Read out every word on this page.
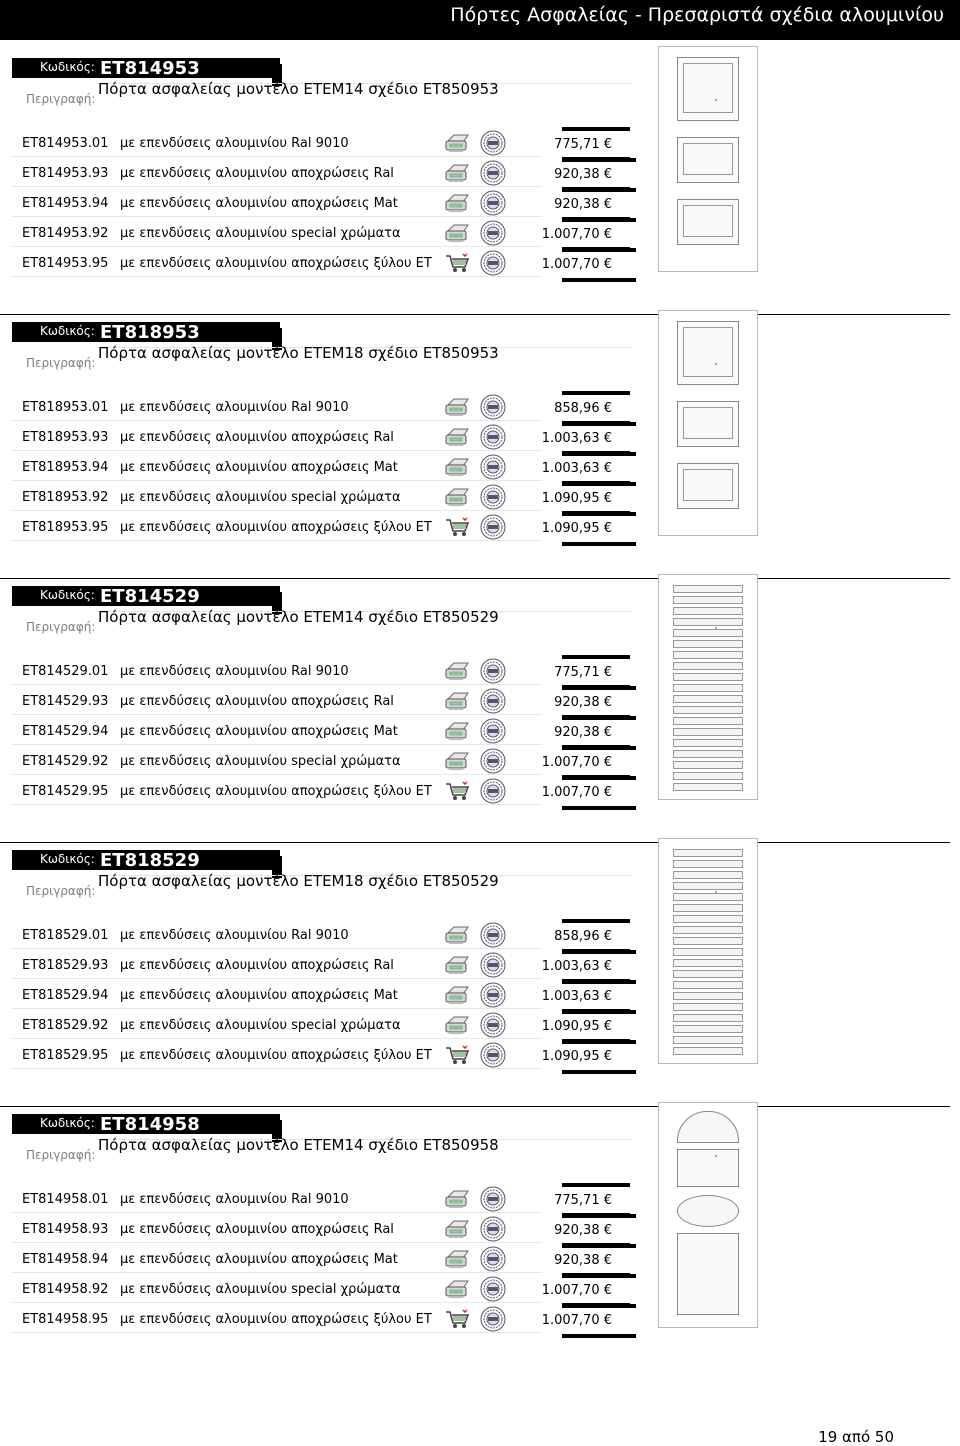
Πόρτες Ασφαλείας - Πρεσαριστά σχέδια αλουμινίου
Κωδικός: ET814953
Περιγραφή:
Πόρτα ασφαλείας μοντέλο ETEM14 σχέδιο ET850953
ET814953.01 με επενδύσεις αλουμινίου Ral 9010	775,71 €
ET814953.93 με επενδύσεις αλουμινίου αποχρώσεις Ral	920,38 €
ET814953.94 με επενδύσεις αλουμινίου αποχρώσεις Mat	920,38 €
ET814953.92 με επενδύσεις αλουμινίου special χρώματα	1.007,70 €
ET814953.95 με επενδύσεις αλουμινίου αποχρώσεις ξύλου ET	1.007,70 €
Κωδικός: ET818953
Περιγραφή:
Πόρτα ασφαλείας μοντέλο ETEM18 σχέδιο ET850953
ET818953.01 με επενδύσεις αλουμινίου Ral 9010	858,96 €
ET818953.93 με επενδύσεις αλουμινίου αποχρώσεις Ral	1.003,63 €
ET818953.94 με επενδύσεις αλουμινίου αποχρώσεις Mat	1.003,63 €
ET818953.92 με επενδύσεις αλουμινίου special χρώματα	1.090,95 €
ET818953.95 με επενδύσεις αλουμινίου αποχρώσεις ξύλου ET	1.090,95 €
Κωδικός: ET814529
Περιγραφή:
Πόρτα ασφαλείας μοντέλο ETEM14 σχέδιο ET850529
ET814529.01 με επενδύσεις αλουμινίου Ral 9010	775,71 €
ET814529.93 με επενδύσεις αλουμινίου αποχρώσεις Ral	920,38 €
ET814529.94 με επενδύσεις αλουμινίου αποχρώσεις Mat	920,38 €
ET814529.92 με επενδύσεις αλουμινίου special χρώματα	1.007,70 €
ET814529.95 με επενδύσεις αλουμινίου αποχρώσεις ξύλου ET	1.007,70 €
Κωδικός: ET818529
Περιγραφή:
Πόρτα ασφαλείας μοντέλο ETEM18 σχέδιο ET850529
ET818529.01 με επενδύσεις αλουμινίου Ral 9010	858,96 €
ET818529.93 με επενδύσεις αλουμινίου αποχρώσεις Ral	1.003,63 €
ET818529.94 με επενδύσεις αλουμινίου αποχρώσεις Mat	1.003,63 €
ET818529.92 με επενδύσεις αλουμινίου special χρώματα	1.090,95 €
ET818529.95 με επενδύσεις αλουμινίου αποχρώσεις ξύλου ET	1.090,95 €
Κωδικός: ET814958
Περιγραφή:
Πόρτα ασφαλείας μοντέλο ETEM14 σχέδιο ET850958
ET814958.01 με επενδύσεις αλουμινίου Ral 9010	775,71 €
ET814958.93 με επενδύσεις αλουμινίου αποχρώσεις Ral	920,38 €
ET814958.94 με επενδύσεις αλουμινίου αποχρώσεις Mat	920,38 €
ET814958.92 με επενδύσεις αλουμινίου special χρώματα	1.007,70 €
ET814958.95 με επενδύσεις αλουμινίου αποχρώσεις ξύλου ET	1.007,70 €
19 από 50
